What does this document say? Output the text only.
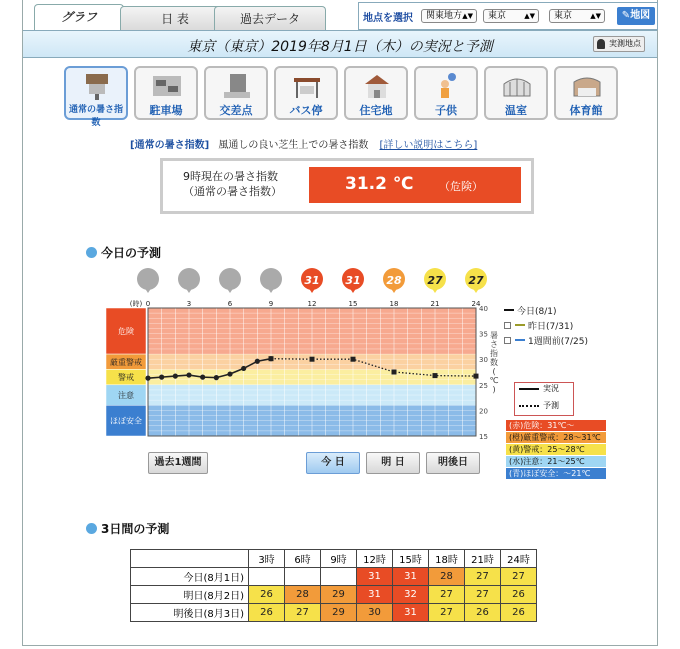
グラフ	日 表	過去データ	地点を選択	関東地方 ▲▼	東京	▲▼	東京	▲▼	✎地図
東京（東京）2019年8月1日（木）の実況と予測	実測地点
通常の暑さ指数
駐車場	交差点	バス停	住宅地	子供	温室	体育館
[通常の暑さ指数] 風通しの良い芝生上での暑さ指数 [詳しい説明はこちら]
9時現在の暑さ指数
（通常の暑さ指数）	31.2 ℃ （危険）
今日の予測
危険
厳重警戒
警戒
注意
ほぼ安全
(時) 0	3	6	9	12	15	18	21	24
15
20
25
30
35
40
暑
さ
指
数
(
℃
)
31 31 28 27 27
今日(8/1)
昨日(7/31)
1週間前(7/25)
実況
予測
(赤)危険：31℃～
(橙)厳重警戒：28～31℃
(黄)警戒：25～28℃
(水)注意：21～25℃
(青)ほぼ安全：～21℃
過去1週間	今 日	明 日	明後日
3日間の予測
	3時	6時	9時	12時	15時	18時	21時	24時
今日(8月1日)				31	31	28	27	27
明日(8月2日)	26	28	29	31	32	27	27	26
明後日(8月3日)	26	27	29	30	31	27	26	26
